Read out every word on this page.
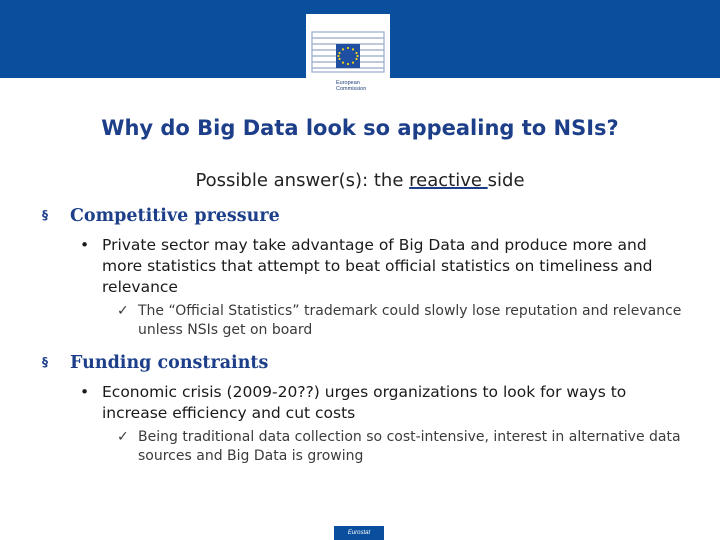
European
Commission
Why do Big Data look so appealing to NSIs?
Possible answer(s): the reactive side
§ Competitive pressure
• Private sector may take advantage of Big Data and produce more and more statistics that attempt to beat official statistics on timeliness and relevance
✓ The “Official Statistics” trademark could slowly lose reputation and relevance unless NSIs get on board
§ Funding constraints
• Economic crisis (2009-20??) urges organizations to look for ways to increase efficiency and cut costs
✓ Being traditional data collection so cost-intensive, interest in alternative data sources and Big Data is growing
Eurostat
